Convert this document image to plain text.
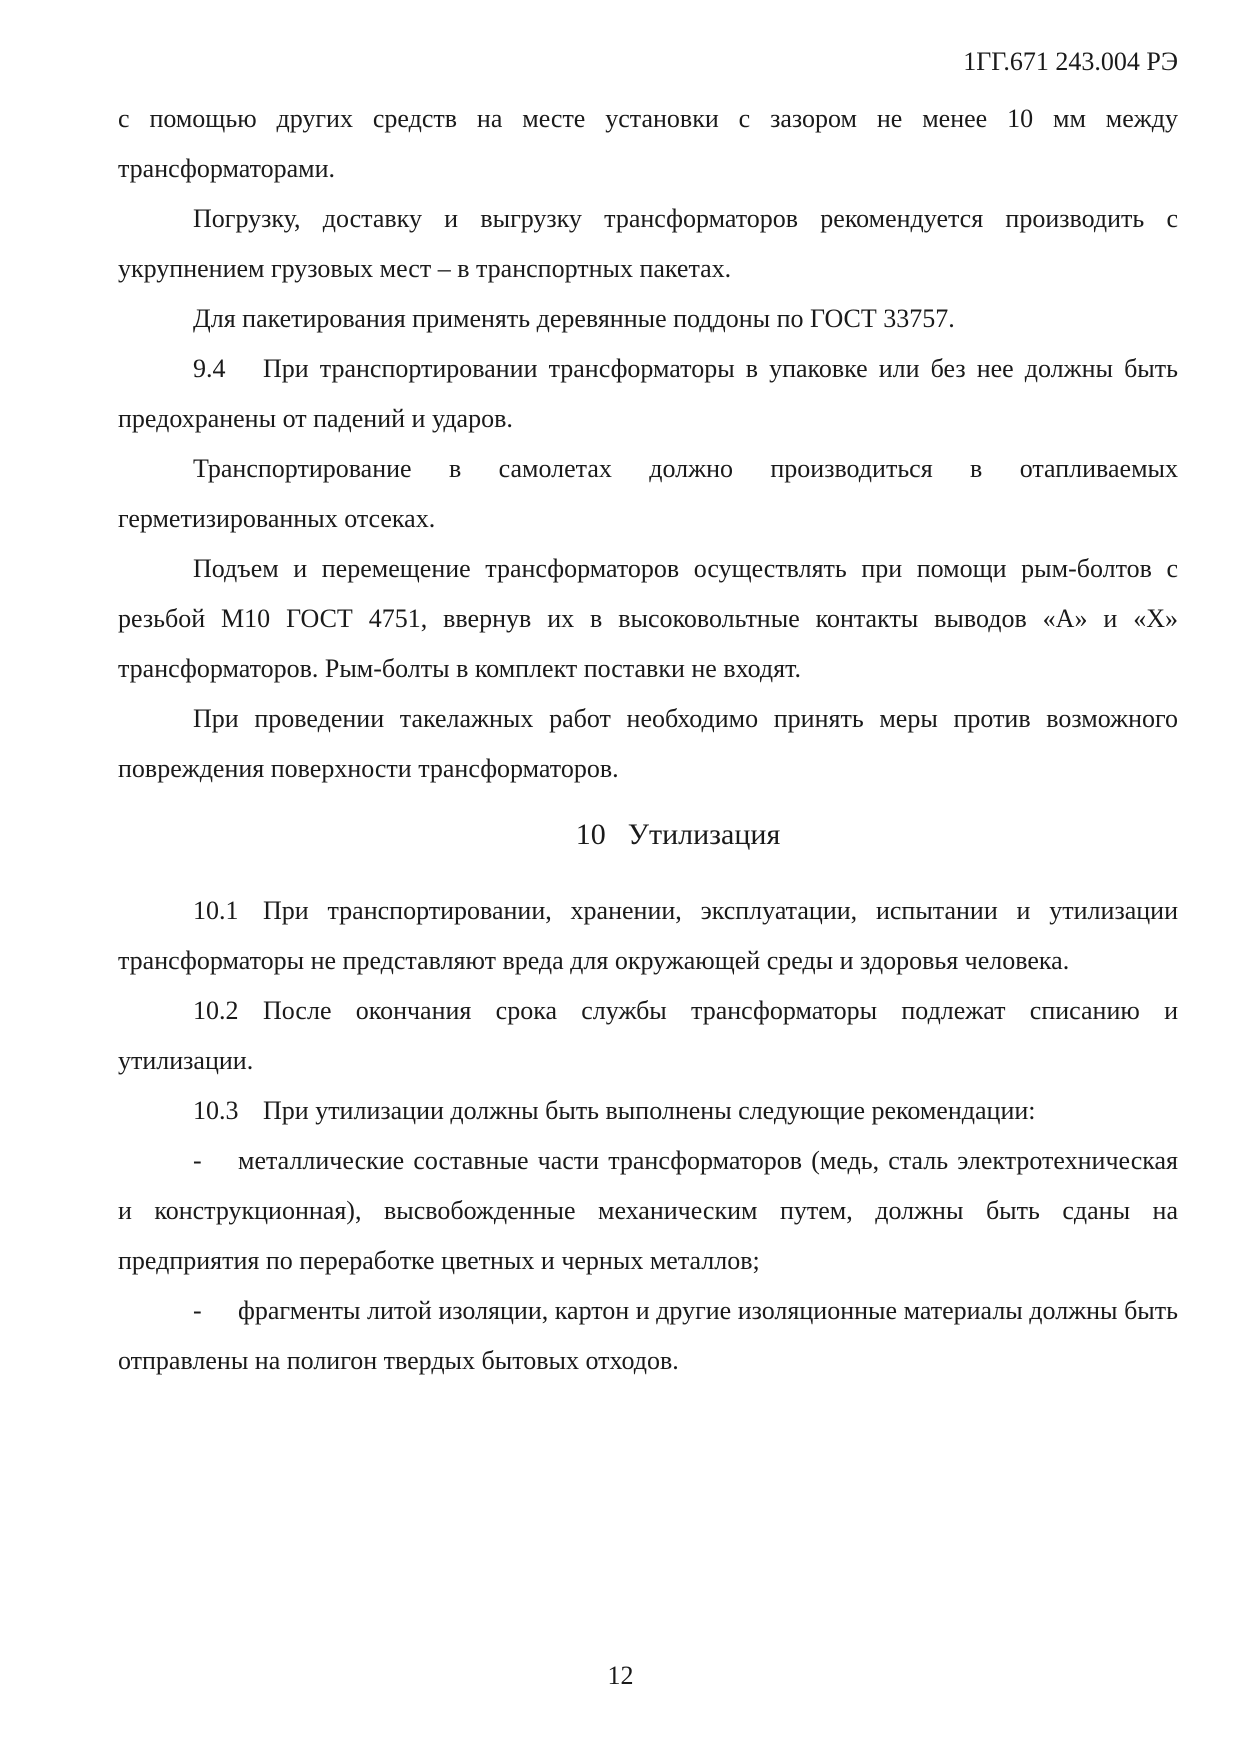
1ГГ.671 243.004 РЭ

с помощью других средств на месте установки с зазором не менее 10 мм между трансформаторами.

Погрузку, доставку и выгрузку трансформаторов рекомендуется производить с укрупнением грузовых мест – в транспортных пакетах.

Для пакетирования применять деревянные поддоны по ГОСТ 33757.

9.4 При транспортировании трансформаторы в упаковке или без нее должны быть предохранены от падений и ударов.

Транспортирование в самолетах должно производиться в отапливаемых герметизированных отсеках.

Подъем и перемещение трансформаторов осуществлять при помощи рым-болтов с резьбой М10 ГОСТ 4751, ввернув их в высоковольтные контакты выводов «А» и «Х» трансформаторов. Рым-болты в комплект поставки не входят.

При проведении такелажных работ необходимо принять меры против возможного повреждения поверхности трансформаторов.

10 Утилизация

10.1 При транспортировании, хранении, эксплуатации, испытании и утилизации трансформаторы не представляют вреда для окружающей среды и здоровья человека.

10.2 После окончания срока службы трансформаторы подлежат списанию и утилизации.

10.3 При утилизации должны быть выполнены следующие рекомендации:

- металлические составные части трансформаторов (медь, сталь электротехническая и конструкционная), высвобожденные механическим путем, должны быть сданы на предприятия по переработке цветных и черных металлов;

- фрагменты литой изоляции, картон и другие изоляционные материалы должны быть отправлены на полигон твердых бытовых отходов.

12
